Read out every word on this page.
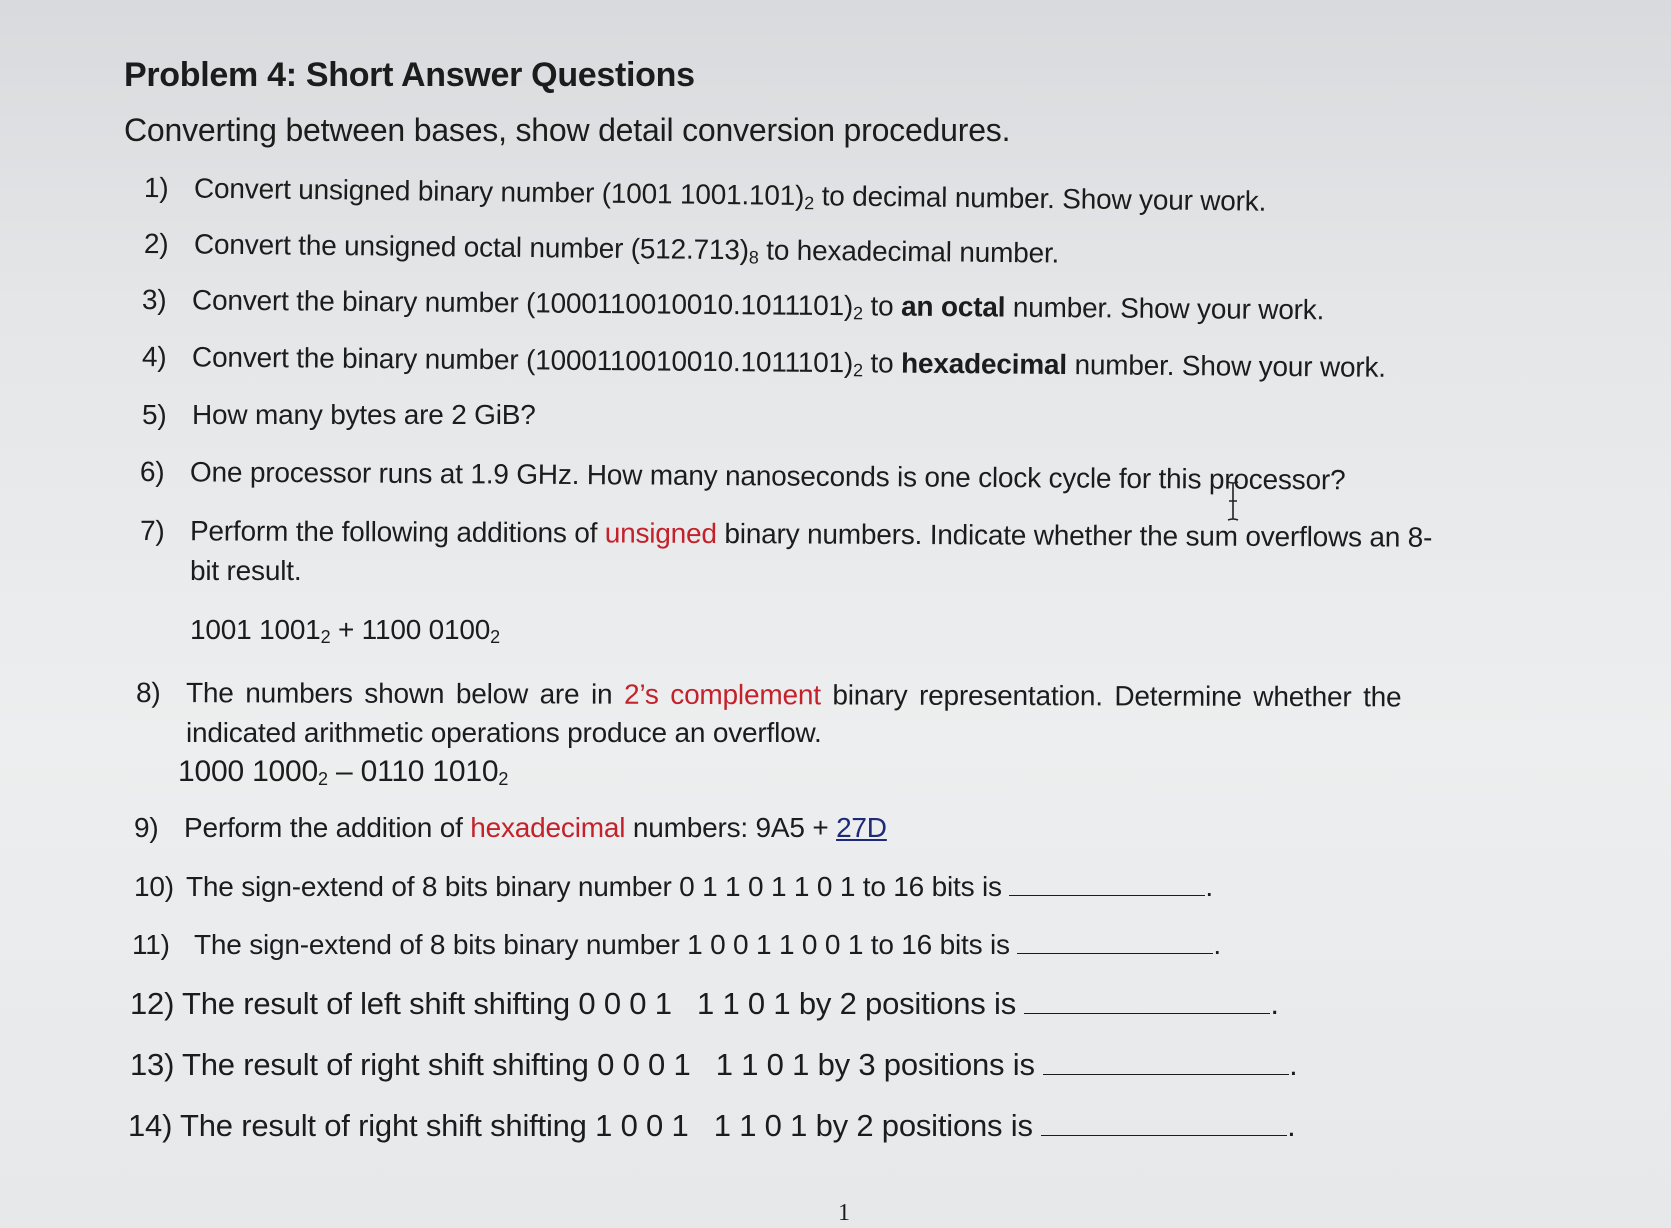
Problem 4: Short Answer Questions
Converting between bases, show detail conversion procedures.
1) Convert unsigned binary number (1001 $1001.101)_2$ to decimal number. Show your work.
2) Convert the unsigned octal number $(512.713)_8$ to hexadecimal number.
3) Convert the binary number $(1000110010010.1011101)_2$ to an octal number. Show your work.
4) Convert the binary number $(1000110010010.1011101)_2$ to hexadecimal number. Show your work.
5) How many bytes are 2 GiB?
6) One processor runs at 1.9 GHz. How many nanoseconds is one clock cycle for this processor?
7) Perform the following additions of unsigned binary numbers. Indicate whether the sum overflows an 8-
bit result.
1001 $1001_2 + 1100$ $0100_2$
8) The numbers shown below are in 2’s complement binary representation. Determine whether the
indicated arithmetic operations produce an overflow.
1000 $1000_2 - 0110$ $1010_2$
9) Perform the addition of hexadecimal numbers: 9A5 + 27D
10) The sign-extend of 8 bits binary number 0 1 1 0 1 1 0 1 to 16 bits is	.
11) The sign-extend of 8 bits binary number 1 0 0 1 1 0 0 1 to 16 bits is	.
12) The result of left shift shifting 0 0 0 1   1 1 0 1 by 2 positions is	.
13) The result of right shift shifting 0 0 0 1   1 1 0 1 by 3 positions is	.
14) The result of right shift shifting 1 0 0 1   1 1 0 1 by 2 positions is	.
1
